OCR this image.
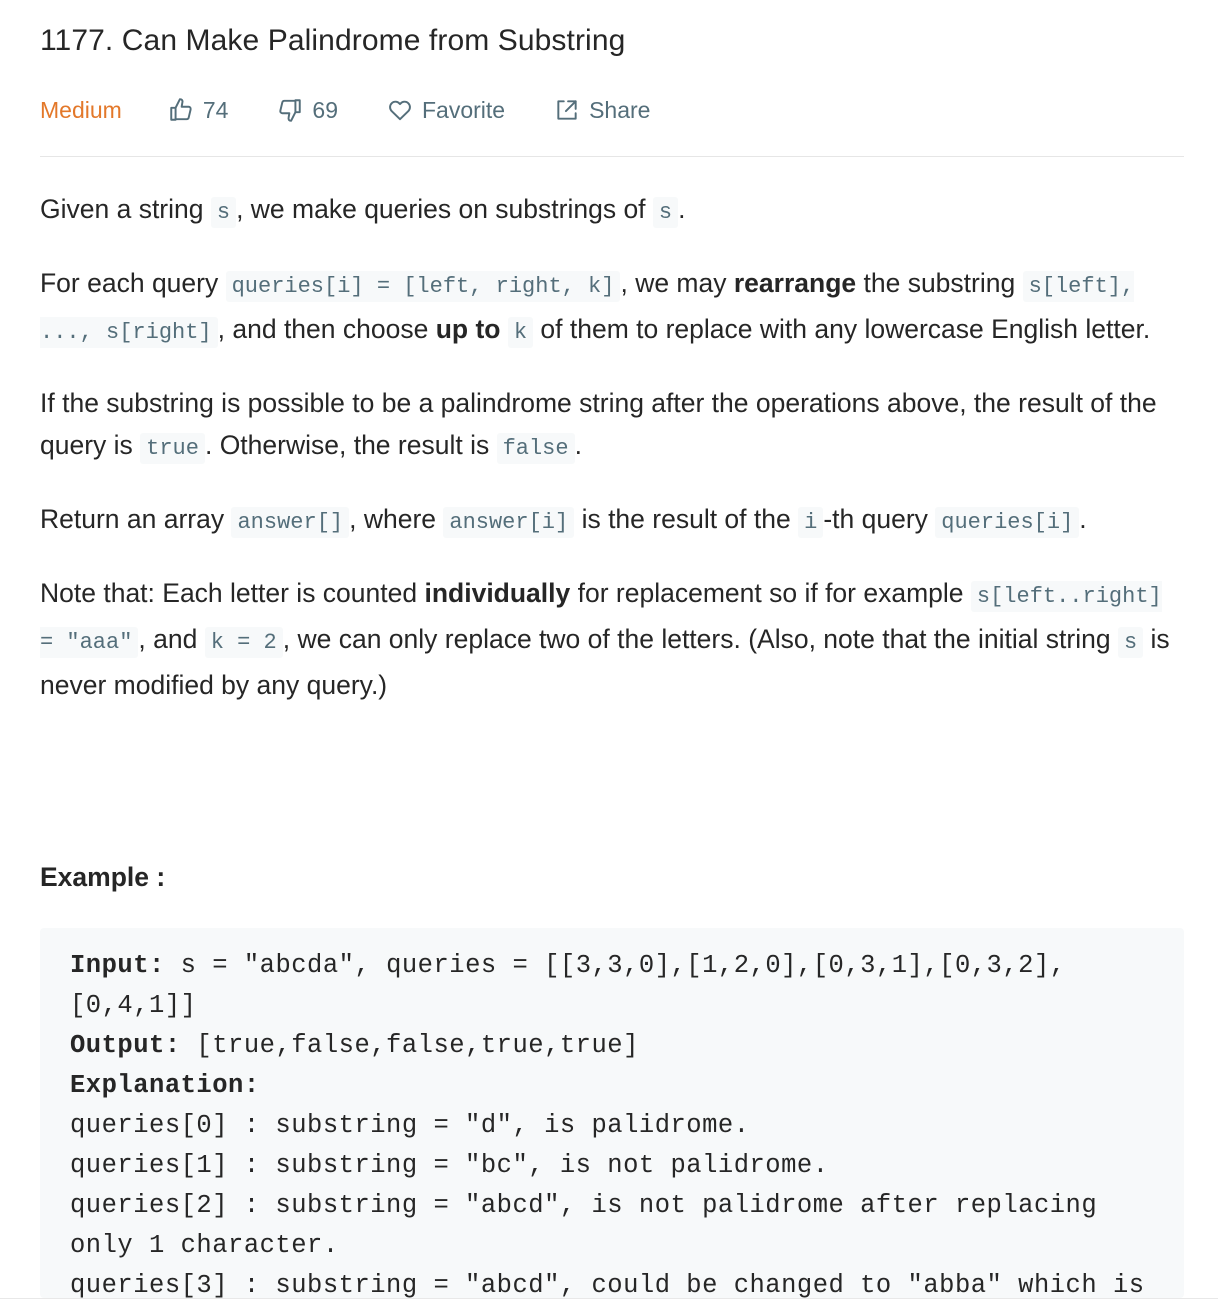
1177. Can Make Palindrome from Substring
Medium	74	69	Favorite	Share

Given a string s , we make queries on substrings of s .

For each query queries[i] = [left, right, k] , we may rearrange the substring s[left], ..., s[right] , and then choose up to k of them to replace with any lowercase English letter.

If the substring is possible to be a palindrome string after the operations above, the result of the query is true . Otherwise, the result is false .

Return an array answer[] , where answer[i] is the result of the i -th query queries[i] .

Note that: Each letter is counted individually for replacement so if for example s[left..right] = "aaa" , and k = 2 , we can only replace two of the letters. (Also, note that the initial string s is never modified by any query.)

Example :
Input: s = "abcda", queries = [[3,3,0],[1,2,0],[0,3,1],[0,3,2],[0,4,1]]
Output: [true,false,false,true,true]
Explanation:
queries[0] : substring = "d", is palidrome.
queries[1] : substring = "bc", is not palidrome.
queries[2] : substring = "abcd", is not palidrome after replacing only 1 character.
queries[3] : substring = "abcd", could be changed to "abba" which is
